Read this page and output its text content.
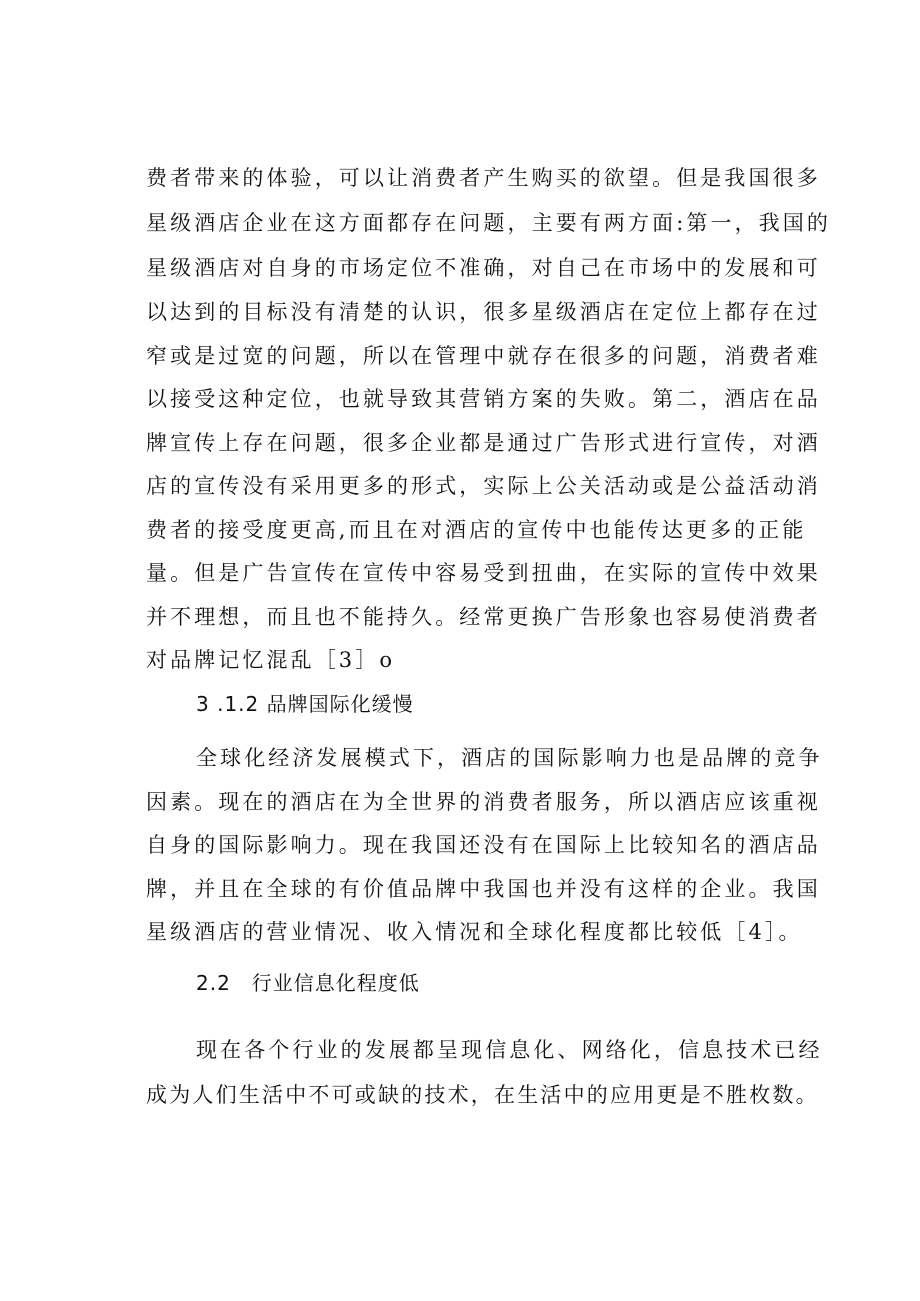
费者带来的体验，可以让消费者产生购买的欲望。但是我国很多

星级酒店企业在这方面都存在问题，主要有两方面:第一，我国的

星级酒店对自身的市场定位不准确，对自己在市场中的发展和可

以达到的目标没有清楚的认识，很多星级酒店在定位上都存在过

窄或是过宽的问题，所以在管理中就存在很多的问题，消费者难

以接受这种定位，也就导致其营销方案的失败。第二，酒店在品

牌宣传上存在问题，很多企业都是通过广告形式进行宣传，对酒

店的宣传没有采用更多的形式，实际上公关活动或是公益活动消

费者的接受度更高,而且在对酒店的宣传中也能传达更多的正能

量。但是广告宣传在宣传中容易受到扭曲，在实际的宣传中效果

并不理想，而且也不能持久。经常更换广告形象也容易使消费者

对品牌记忆混乱［3］o

3 .1.2 品牌国际化缓慢

全球化经济发展模式下，酒店的国际影响力也是品牌的竞争

因素。现在的酒店在为全世界的消费者服务，所以酒店应该重视

自身的国际影响力。现在我国还没有在国际上比较知名的酒店品

牌，并且在全球的有价值品牌中我国也并没有这样的企业。我国

星级酒店的营业情况、收入情况和全球化程度都比较低［4］。

2.2　行业信息化程度低

现在各个行业的发展都呈现信息化、网络化，信息技术已经

成为人们生活中不可或缺的技术，在生活中的应用更是不胜枚数。
